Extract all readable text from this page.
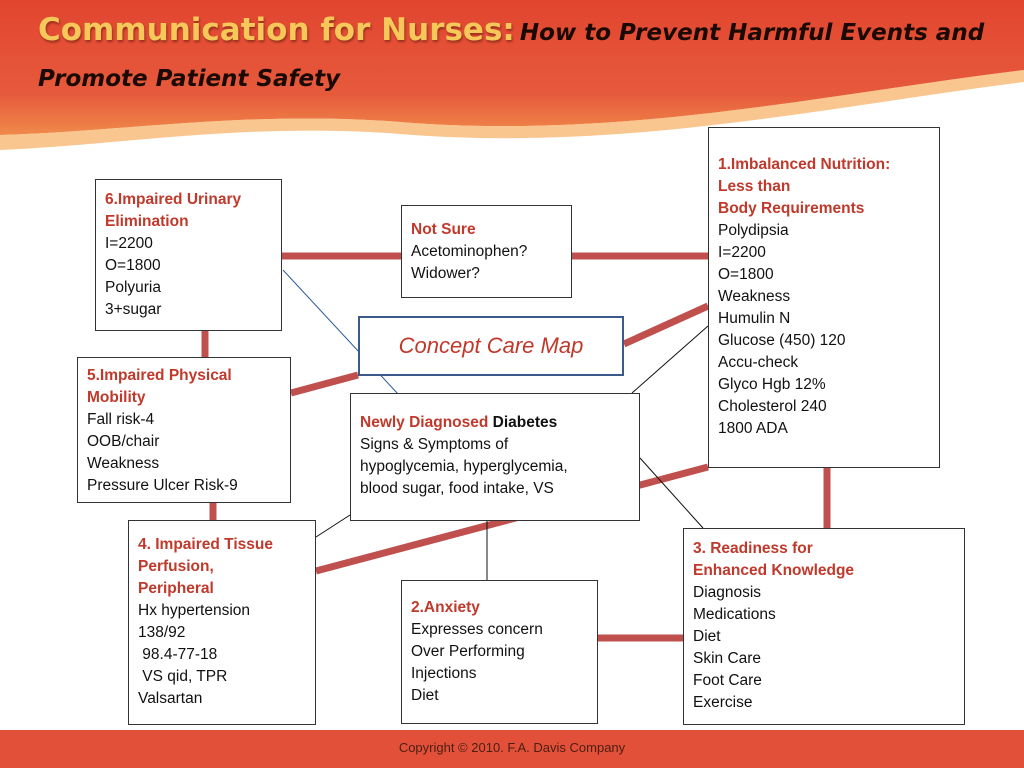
Communication for Nurses: How to Prevent Harmful Events and Promote Patient Safety
6.Impaired Urinary
Elimination
I=2200
O=1800
Polyuria
3+sugar
Not Sure
Acetominophen?
Widower?
1.Imbalanced Nutrition:
Less than
Body Requirements
Polydipsia
I=2200
O=1800
Weakness
Humulin N
Glucose (450) 120
Accu-check
Glyco Hgb 12%
Cholesterol 240
1800 ADA
Concept Care Map
5.Impaired Physical
Mobility
Fall risk-4
OOB/chair
Weakness
Pressure Ulcer Risk-9
Newly Diagnosed Diabetes
Signs & Symptoms of
hypoglycemia, hyperglycemia,
blood sugar, food intake, VS
4. Impaired Tissue
Perfusion,
Peripheral
Hx hypertension
138/92
98.4-77-18
VS qid, TPR
Valsartan
2.Anxiety
Expresses concern
Over Performing
Injections
Diet
3. Readiness for
Enhanced Knowledge
Diagnosis
Medications
Diet
Skin Care
Foot Care
Exercise
Copyright © 2010. F.A. Davis Company
